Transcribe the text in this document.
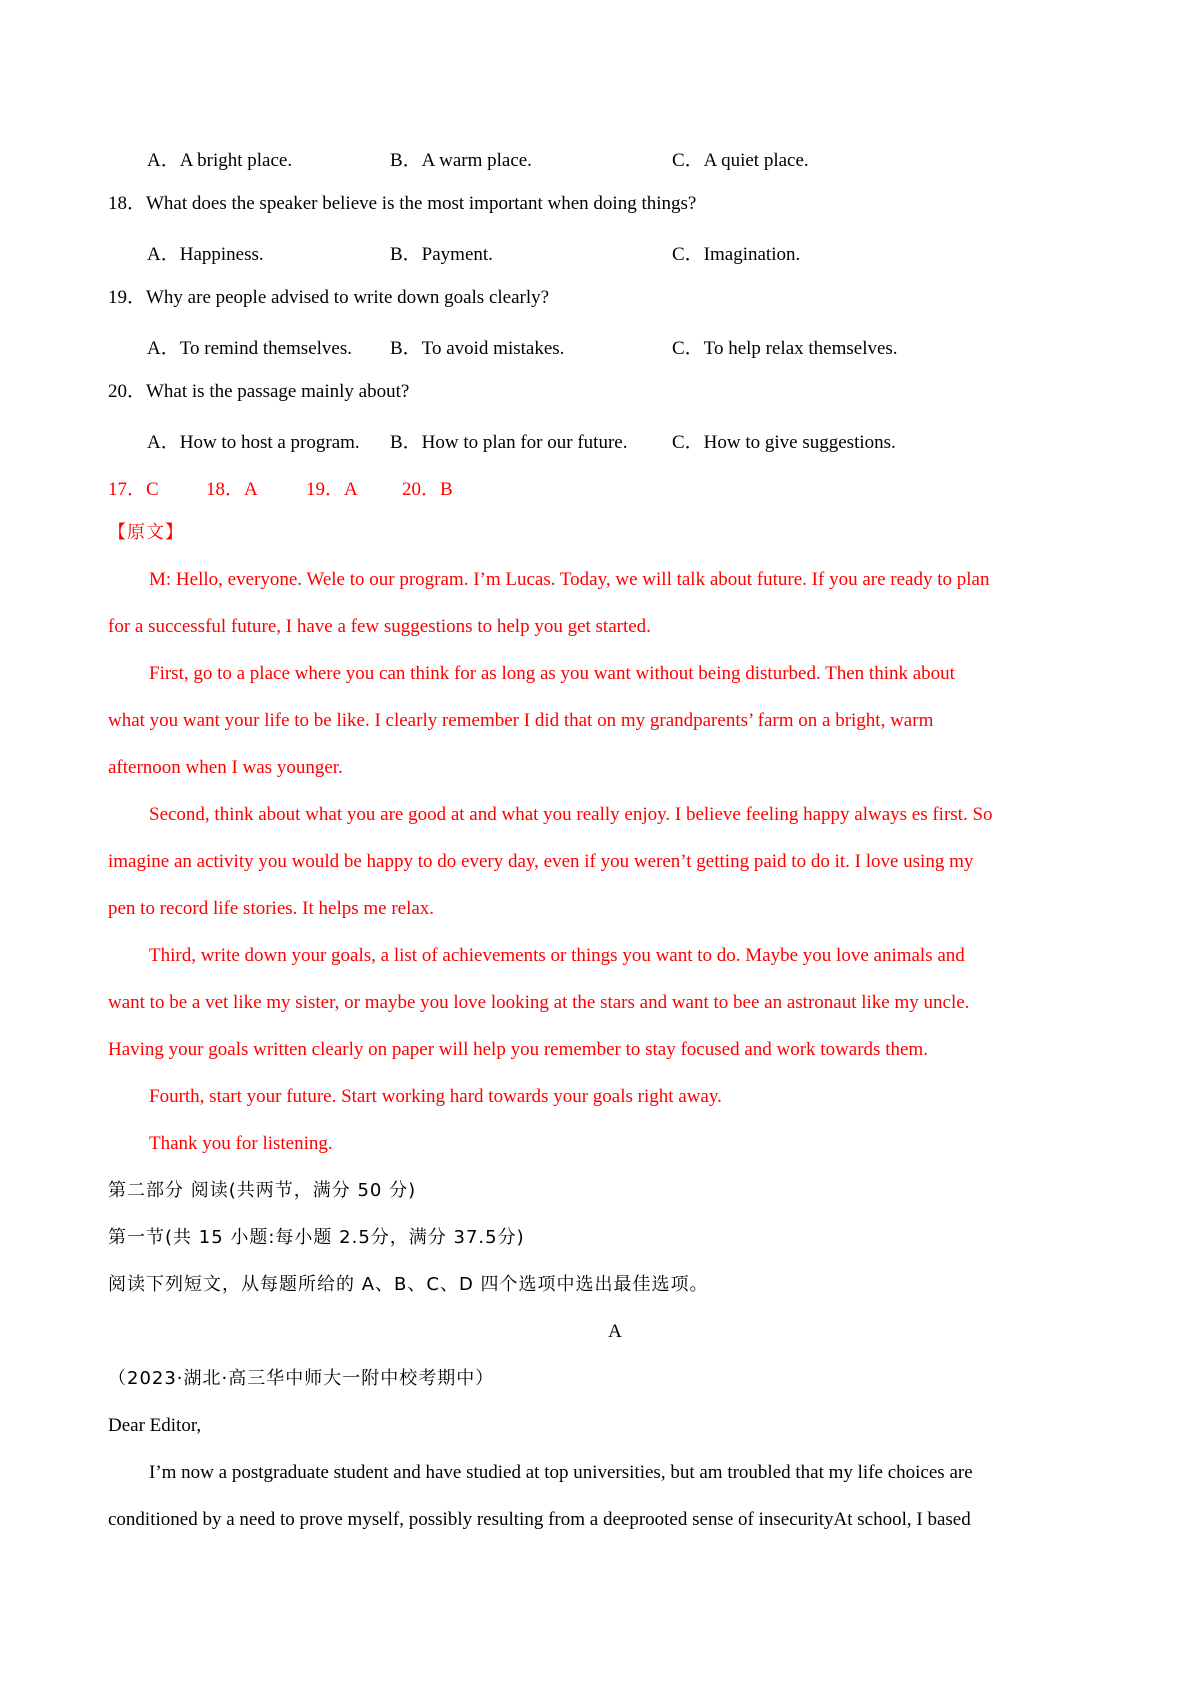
A．A bright place.	B．A warm place.	C．A quiet place.
18．What does the speaker believe is the most important when doing things?
A．Happiness.	B．Payment.	C．Imagination.
19．Why are people advised to write down goals clearly?
A．To remind themselves. B．To avoid mistakes.	C．To help relax themselves.
20．What is the passage mainly about?
A．How to host a program. B．How to plan for our future. C．How to give suggestions.
17．C 18．A	19．A 20．B
【原文】
M: Hello, everyone. Wele to our program. I’m Lucas. Today, we will talk about future. If you are ready to plan
for a successful future, I have a few suggestions to help you get started.
First, go to a place where you can think for as long as you want without being disturbed. Then think about
what you want your life to be like. I clearly remember I did that on my grandparents’ farm on a bright, warm
afternoon when I was younger.
Second, think about what you are good at and what you really enjoy. I believe feeling happy always es first. So
imagine an activity you would be happy to do every day, even if you weren’t getting paid to do it. I love using my
pen to record life stories. It helps me relax.
Third, write down your goals, a list of achievements or things you want to do. Maybe you love animals and
want to be a vet like my sister, or maybe you love looking at the stars and want to bee an astronaut like my uncle.
Having your goals written clearly on paper will help you remember to stay focused and work towards them.
Fourth, start your future. Start working hard towards your goals right away.
Thank you for listening.
第二部分 阅读(共两节，满分 50 分)
第一节(共 15 小题:每小题 2.5分，满分 37.5分)
阅读下列短文，从每题所给的 A、B、C、D 四个选项中选出最佳选项。
A
（2023·湖北·高三华中师大一附中校考期中）
Dear Editor,
I’m now a postgraduate student and have studied at top universities, but am troubled that my life choices are
conditioned by a need to prove myself, possibly resulting from a deeprooted sense of insecurityAt school, I based
